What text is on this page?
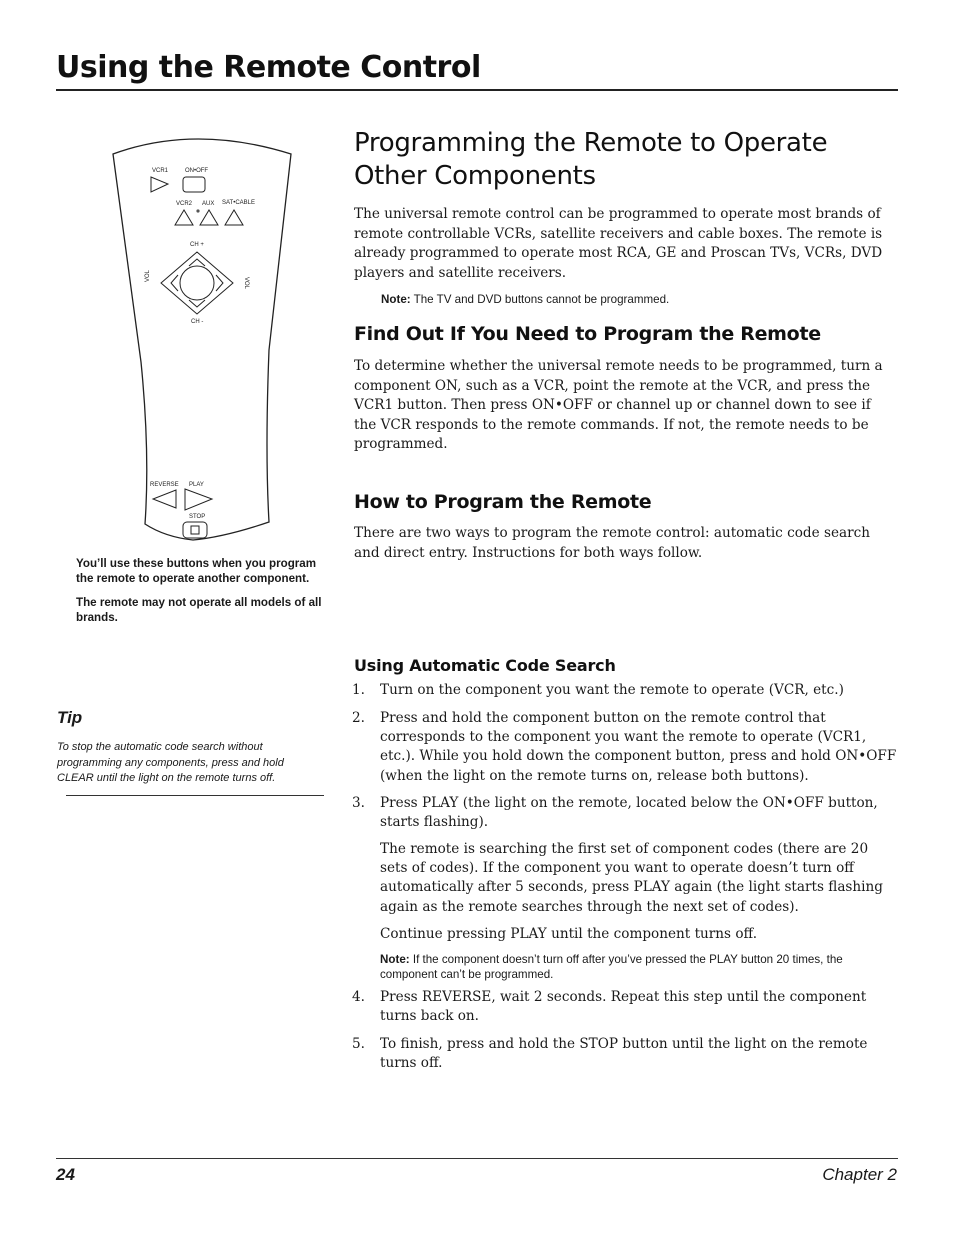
Using the Remote Control
VCR1	ON•OFF
VCR2 AUX SAT•CABLE
CH +
VOL
VOL
CH -
REVERSE PLAY
STOP

You’ll use these buttons when you program the remote to operate another component.

The remote may not operate all models of all brands.

Tip
To stop the automatic code search without programming any components, press and hold CLEAR until the light on the remote turns off.
Programming the Remote to Operate Other Components

The universal remote control can be programmed to operate most brands of remote controllable VCRs, satellite receivers and cable boxes. The remote is already programmed to operate most RCA, GE and Proscan TVs, VCRs, DVD players and satellite receivers.

Note: The TV and DVD buttons cannot be programmed.
Find Out If You Need to Program the Remote

To determine whether the universal remote needs to be programmed, turn a component ON, such as a VCR, point the remote at the VCR, and press the VCR1 button. Then press ON•OFF or channel up or channel down to see if the VCR responds to the remote commands. If not, the remote needs to be programmed.

How to Program the Remote

There are two ways to program the remote control: automatic code search and direct entry. Instructions for both ways follow.

Using Automatic Code Search
1. Turn on the component you want the remote to operate (VCR, etc.)
2. Press and hold the component button on the remote control that corresponds to the component you want the remote to operate (VCR1, etc.). While you hold down the component button, press and hold ON•OFF (when the light on the remote turns on, release both buttons).
3. Press PLAY (the light on the remote, located below the ON•OFF button, starts flashing).

The remote is searching the first set of component codes (there are 20 sets of codes). If the component you want to operate doesn’t turn off automatically after 5 seconds, press PLAY again (the light starts flashing again as the remote searches through the next set of codes).

Continue pressing PLAY until the component turns off.

Note: If the component doesn’t turn off after you’ve pressed the PLAY button 20 times, the component can’t be programmed.
4. Press REVERSE, wait 2 seconds. Repeat this step until the component turns back on.
5. To finish, press and hold the STOP button until the light on the remote turns off.
24	Chapter 2
